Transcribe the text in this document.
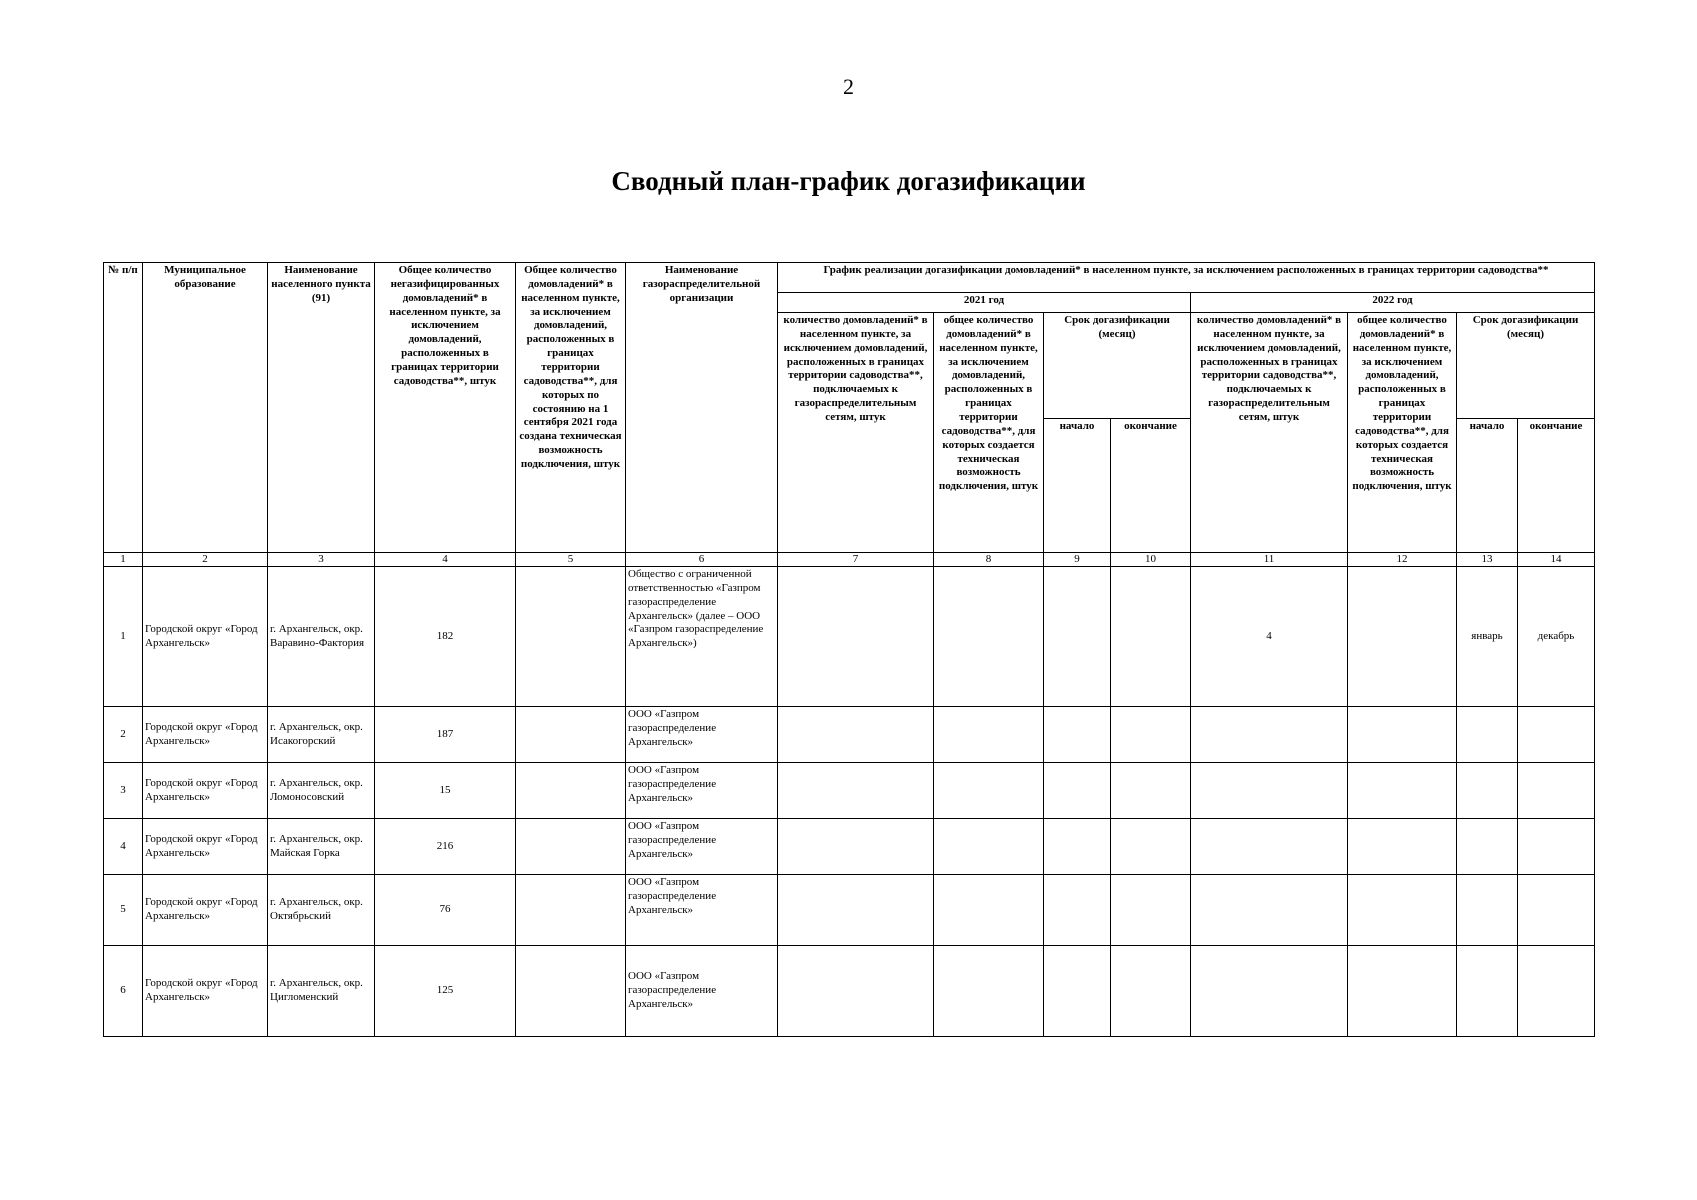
2
Сводный план-график догазификации
№ п/п	Муниципальное образование	Наименование населенного пункта (91)	Общее количество негазифицированных домовладений* в населенном пункте, за исключением домовладений, расположенных в границах территории садоводства**, штук	Общее количество домовладений* в населенном пункте, за исключением домовладений, расположенных в границах территории садоводства**, для которых по состоянию на 1 сентября 2021 года создана техническая возможность подключения, штук	Наименование газораспределительной организации	График реализации догазификации домовладений* в населенном пункте, за исключением расположенных в границах территории садоводства**							
						2021 год				2022 год			
						количество домовладений* в населенном пункте, за исключением домовладений, расположенных в границах территории садоводства**, подключаемых к газораспределительным сетям, штук	общее количество домовладений* в населенном пункте, за исключением домовладений, расположенных в границах территории садоводства**, для которых создается техническая возможность подключения, штук	Срок догазификации (месяц)		количество домовладений* в населенном пункте, за исключением домовладений, расположенных в границах территории садоводства**, подключаемых к газораспределительным сетям, штук	общее количество домовладений* в населенном пункте, за исключением домовладений, расположенных в границах территории садоводства**, для которых создается техническая возможность подключения, штук	Срок догазификации (месяц)	
								начало	окончание			начало	окончание
1	2	3	4	5	6	7	8	9	10	11	12	13	14
1	Городской округ «Город Архангельск»	г. Архангельск, окр. Варавино-Фактория	182		Общество с ограниченной ответственностью «Газпром газораспределение Архангельск» (далее – ООО «Газпром газораспределение Архангельск»)					4		январь	декабрь
2	Городской округ «Город Архангельск»	г. Архангельск, окр. Исакогорский	187		ООО «Газпром газораспределение Архангельск»								
3	Городской округ «Город Архангельск»	г. Архангельск, окр. Ломоносовский	15		ООО «Газпром газораспределение Архангельск»								
4	Городской округ «Город Архангельск»	г. Архангельск, окр. Майская Горка	216		ООО «Газпром газораспределение Архангельск»								
5	Городской округ «Город Архангельск»	г. Архангельск, окр. Октябрьский	76		ООО «Газпром газораспределение Архангельск»								
6	Городской округ «Город Архангельск»	г. Архангельск, окр. Цигломенский	125		ООО «Газпром газораспределение Архангельск»								
